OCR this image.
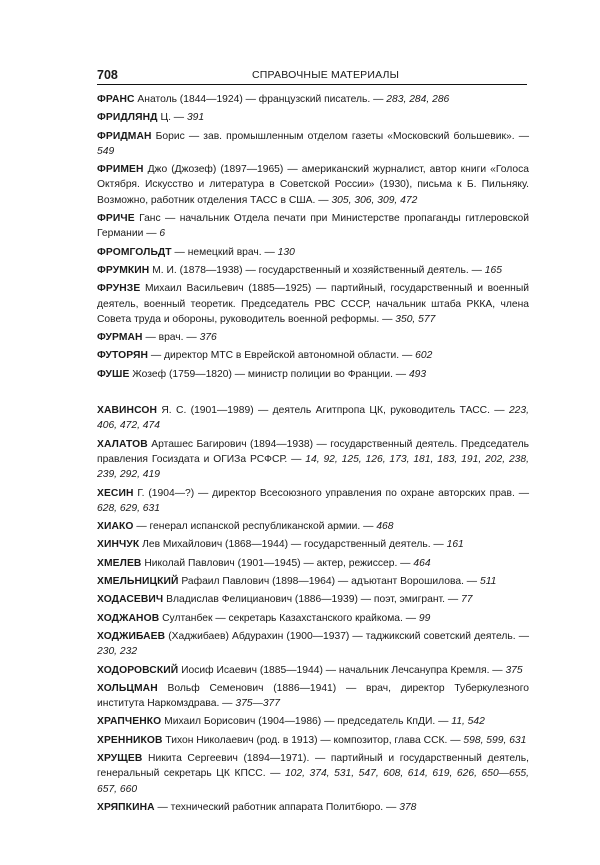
708	СПРАВОЧНЫЕ МАТЕРИАЛЫ

ФРАНС Анатоль (1844—1924) — французский писатель. — 283, 284, 286

ФРИДЛЯНД Ц. — 391

ФРИДМАН Борис — зав. промышленным отделом газеты «Московский большевик». — 549

ФРИМЕН Джо (Джозеф) (1897—1965) — американский журналист, автор книги «Голоса Октября. Искусство и литература в Советской России» (1930), письма к Б. Пильняку. Возможно, работник отделения ТАСС в США. — 305, 306, 309, 472

ФРИЧЕ Ганс — начальник Отдела печати при Министерстве пропаганды гитлеровской Германии — 6

ФРОМГОЛЬДТ — немецкий врач. — 130

ФРУМКИН М. И. (1878—1938) — государственный и хозяйственный деятель. — 165

ФРУНЗЕ Михаил Васильевич (1885—1925) — партийный, государственный и военный деятель, военный теоретик. Председатель РВС СССР, начальник штаба РККА, члена Совета труда и обороны, руководитель военной реформы. — 350, 577

ФУРМАН — врач. — 376

ФУТОРЯН — директор МТС в Еврейской автономной области. — 602

ФУШЕ Жозеф (1759—1820) — министр полиции во Франции. — 493

ХАВИНСОН Я. С. (1901—1989) — деятель Агитпропа ЦК, руководитель ТАСС. — 223, 406, 472, 474

ХАЛАТОВ Арташес Багирович (1894—1938) — государственный деятель. Председатель правления Госиздата и ОГИЗа РСФСР. — 14, 92, 125, 126, 173, 181, 183, 191, 202, 238, 239, 292, 419

ХЕСИН Г. (1904—?) — директор Всесоюзного управления по охране авторских прав. — 628, 629, 631

ХИАКО — генерал испанской республиканской армии. — 468

ХИНЧУК Лев Михайлович (1868—1944) — государственный деятель. — 161

ХМЕЛЕВ Николай Павлович (1901—1945) — актер, режиссер. — 464

ХМЕЛЬНИЦКИЙ Рафаил Павлович (1898—1964) — адъютант Ворошилова. — 511

ХОДАСЕВИЧ Владислав Фелицианович (1886—1939) — поэт, эмигрант. — 77

ХОДЖАНОВ Султанбек — секретарь Казахстанского крайкома. — 99

ХОДЖИБАЕВ (Хаджибаев) Абдурахин (1900—1937) — таджикский советский деятель. — 230, 232

ХОДОРОВСКИЙ Иосиф Исаевич (1885—1944) — начальник Лечсанупра Кремля. — 375

ХОЛЬЦМАН Вольф Семенович (1886—1941) — врач, директор Туберкулезного института Наркомздрава. — 375—377

ХРАПЧЕНКО Михаил Борисович (1904—1986) — председатель КпДИ. — 11, 542

ХРЕННИКОВ Тихон Николаевич (род. в 1913) — композитор, глава ССК. — 598, 599, 631

ХРУЩЕВ Никита Сергеевич (1894—1971). — партийный и государственный деятель, генеральный секретарь ЦК КПСС. — 102, 374, 531, 547, 608, 614, 619, 626, 650—655, 657, 660

ХРЯПКИНА — технический работник аппарата Политбюро. — 378
